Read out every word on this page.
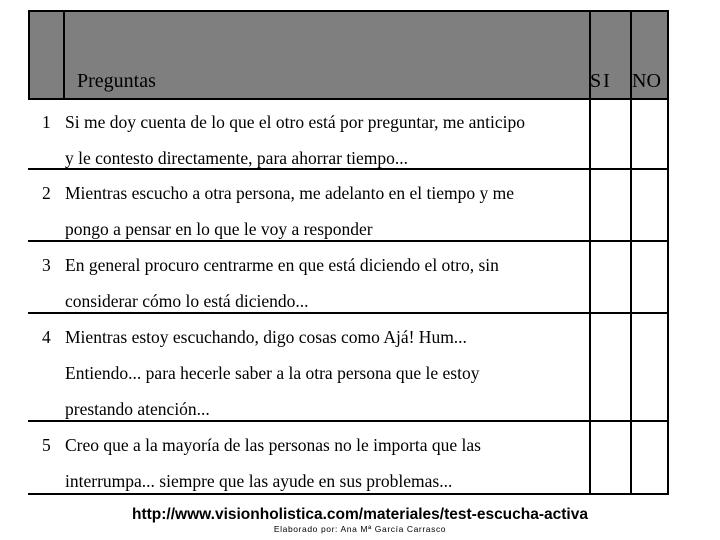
Preguntas	SI NO
1 Si me doy cuenta de lo que el otro está por preguntar, me anticipo
y le contesto directamente, para ahorrar tiempo...
2 Mientras escucho a otra persona, me adelanto en el tiempo y me
pongo a pensar en lo que le voy a responder
3 En general procuro centrarme en que está diciendo el otro, sin
considerar cómo lo está diciendo...
4 Mientras estoy escuchando, digo cosas como Ajá! Hum...
Entiendo... para hecerle saber a la otra persona que le estoy
prestando atención...
5 Creo que a la mayoría de las personas no le importa que las
interrumpa... siempre que las ayude en sus problemas...
http://www.visionholistica.com/materiales/test-escucha-activa
Elaborado por: Ana Mª García Carrasco
